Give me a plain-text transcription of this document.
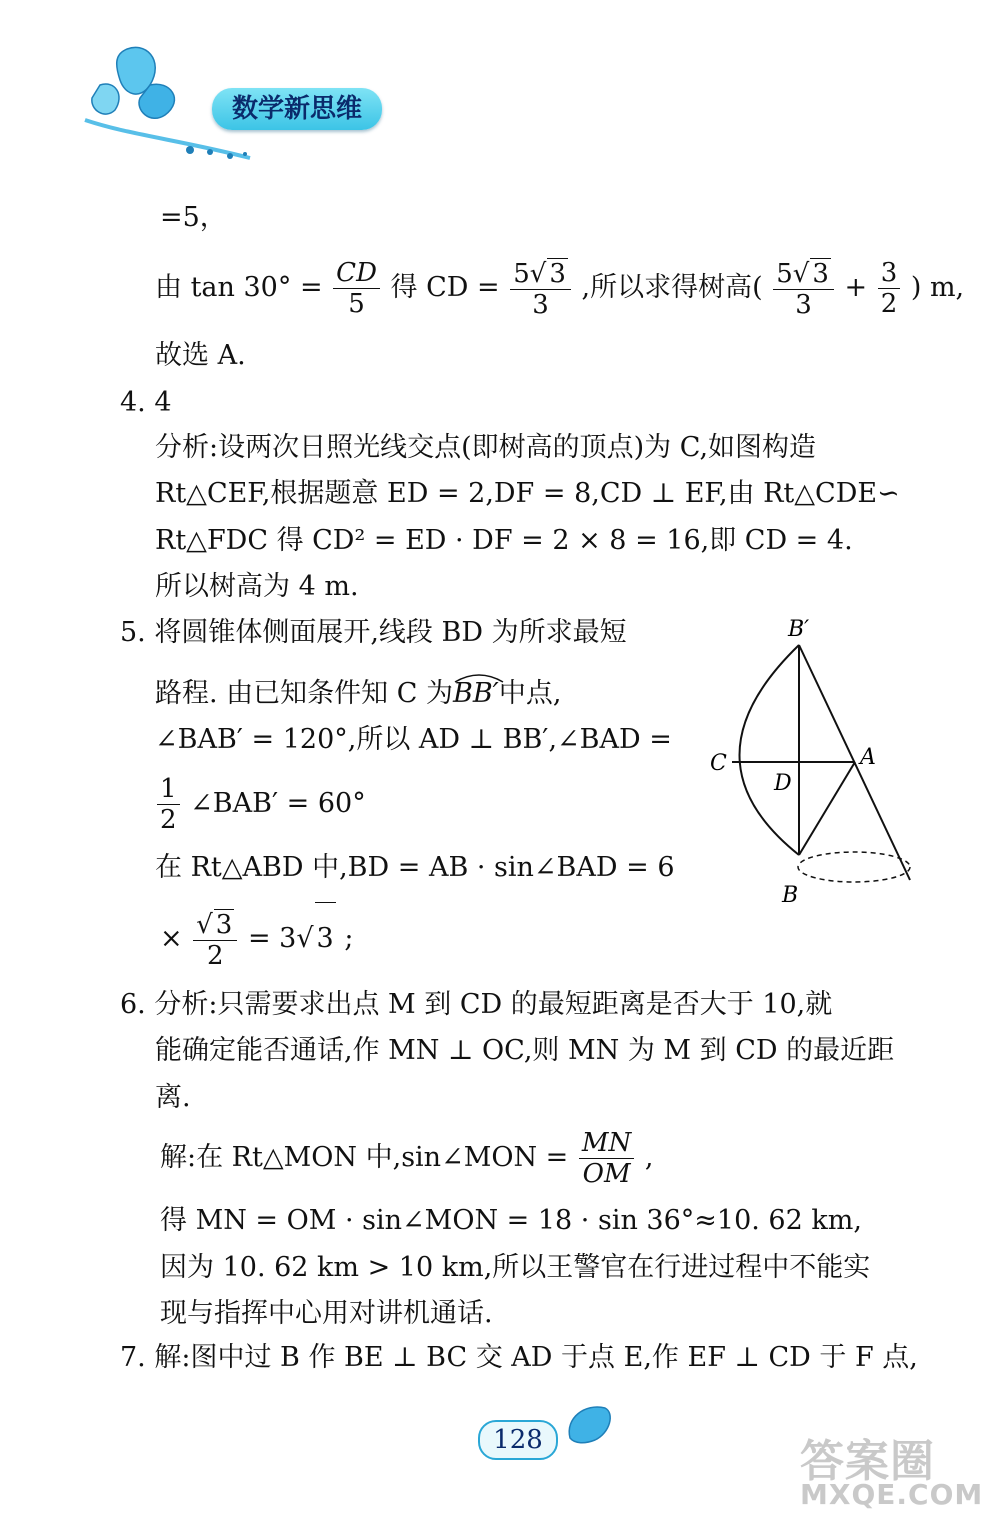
数学新思维
=5，
由 $\tan 30^\circ = \frac{CD}{5}$ 得 CD = $\frac{5√ 3}{3}$ ,所以求得树高( $\frac{5√ 3}{3} + \frac{3}{2}$ ) m,
故选 A.
4. 4
分析:设两次日照光线交点(即树高的顶点)为 C,如图构造
Rt△CEF,根据题意 ED = 2,DF = 8,CD ⊥ EF,由 Rt△CDE∽
Rt△FDC 得 CD² = ED · DF = 2 × 8 = 16,即 CD = 4.
所以树高为 4 m.
5. 将圆锥体侧面展开,线段 BD 为所求最短
路程. 由已知条件知 C 为
BB′中点,
∠BAB′ = 120°,所以 AD ⊥ BB′,∠BAD =
$\frac{1}{2}$ ∠BAB′ = 60°
在 Rt△ABD 中,BD = AB · sin∠BAD = 6
× $\frac{√ 3}{2} = 3√$ 3 ;
B′
C
D
A
B
6. 分析:只需要求出点 M 到 CD 的最短距离是否大于 10,就
能确定能否通话,作 MN ⊥ OC,则 MN 为 M 到 CD 的最近距
离.
解:在 Rt△MON 中,sin∠MON = $\frac{MN}{OM}$ ,
得 MN = OM · sin∠MON = 18 · sin 36°≈10. 62 km,
因为 10. 62 km > 10 km,所以王警官在行进过程中不能实
现与指挥中心用对讲机通话.
7. 解:图中过 B 作 BE ⊥ BC 交 AD 于点 E,作 EF ⊥ CD 于 F 点,
128	答案圈
MXQE.COM
